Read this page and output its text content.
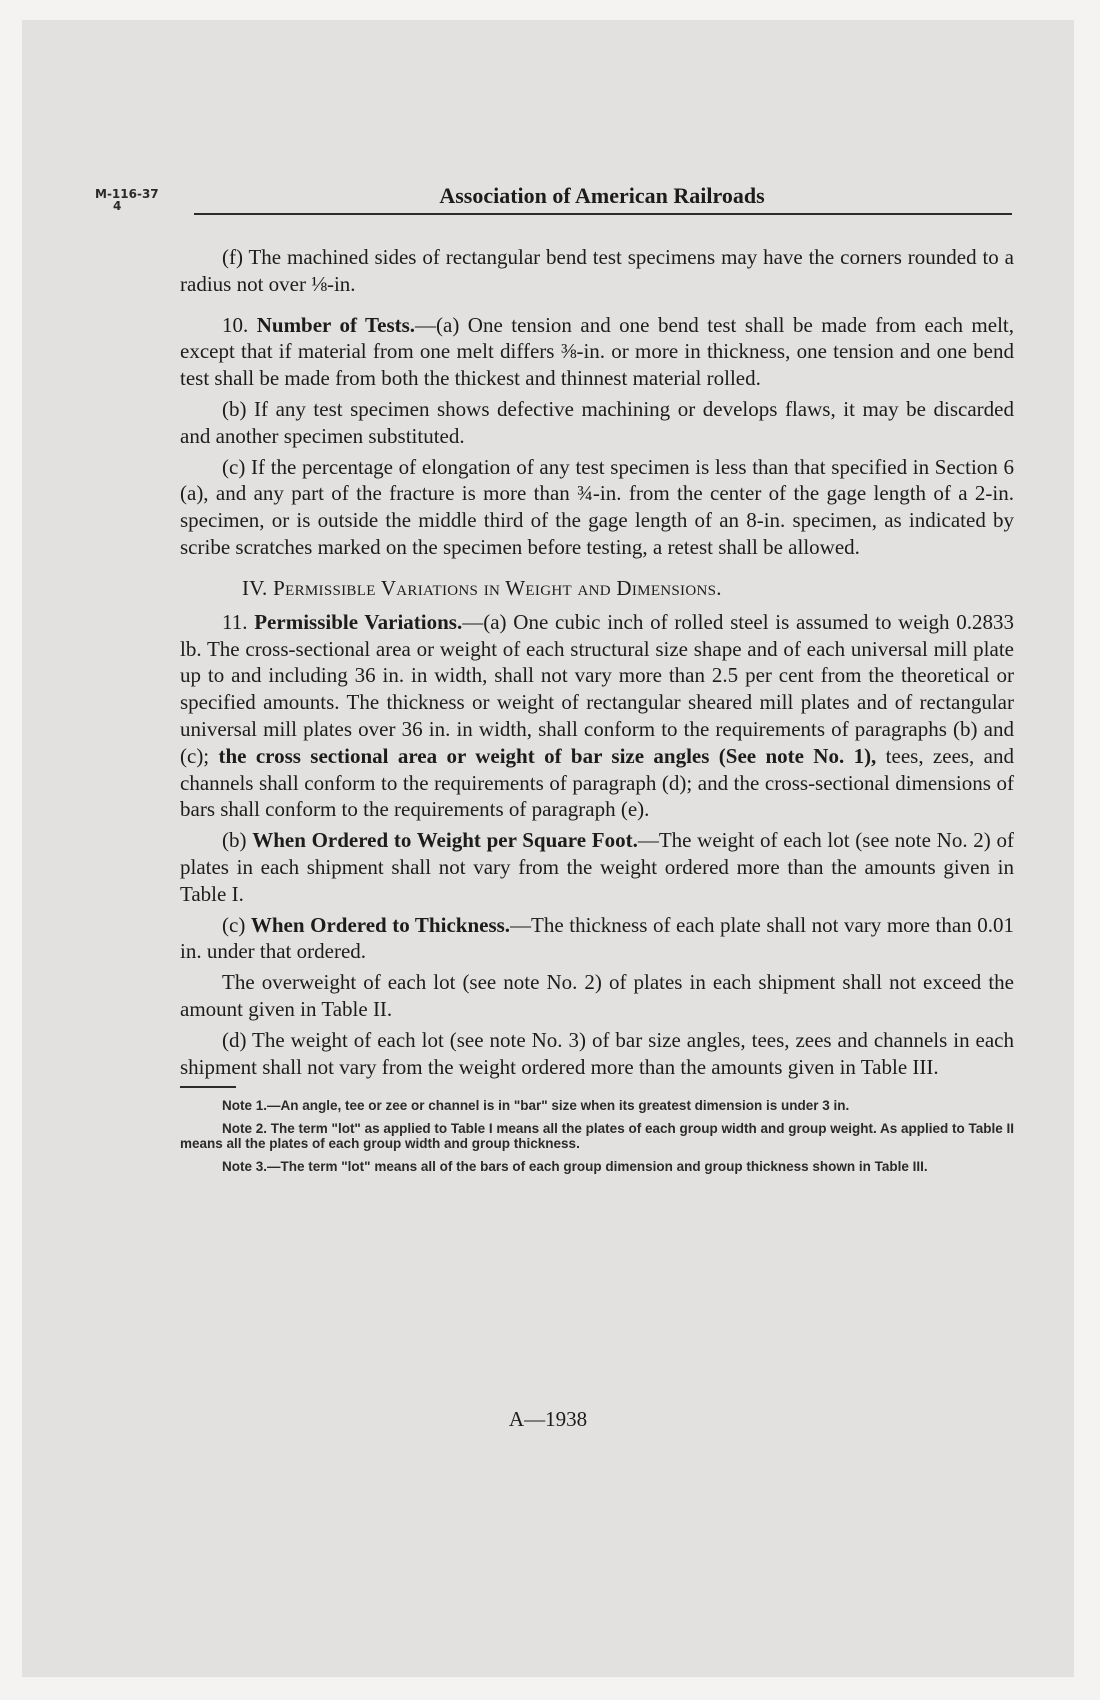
M-116-37
4	Association of American Railroads

(f) The machined sides of rectangular bend test specimens may have the corners rounded to a radius not over ⅛-in.

10. Number of Tests.—(a) One tension and one bend test shall be made from each melt, except that if material from one melt differs ⅜-in. or more in thickness, one tension and one bend test shall be made from both the thickest and thinnest material rolled.

(b) If any test specimen shows defective machining or develops flaws, it may be discarded and another specimen substituted.

(c) If the percentage of elongation of any test specimen is less than that specified in Section 6 (a), and any part of the fracture is more than ¾-in. from the center of the gage length of a 2-in. specimen, or is outside the middle third of the gage length of an 8-in. specimen, as indicated by scribe scratches marked on the specimen before testing, a retest shall be allowed.

IV. Permissible Variations in Weight and Dimensions.

11. Permissible Variations.—(a) One cubic inch of rolled steel is assumed to weigh 0.2833 lb. The cross-sectional area or weight of each structural size shape and of each universal mill plate up to and including 36 in. in width, shall not vary more than 2.5 per cent from the theoretical or specified amounts. The thickness or weight of rectangular sheared mill plates and of rectangular universal mill plates over 36 in. in width, shall conform to the requirements of paragraphs (b) and (c); the cross sectional area or weight of bar size angles (See note No. 1), tees, zees, and channels shall conform to the requirements of paragraph (d); and the cross-sectional dimensions of bars shall conform to the requirements of paragraph (e).

(b) When Ordered to Weight per Square Foot.—The weight of each lot (see note No. 2) of plates in each shipment shall not vary from the weight ordered more than the amounts given in Table I.

(c) When Ordered to Thickness.—The thickness of each plate shall not vary more than 0.01 in. under that ordered.

The overweight of each lot (see note No. 2) of plates in each shipment shall not exceed the amount given in Table II.

(d) The weight of each lot (see note No. 3) of bar size angles, tees, zees and channels in each shipment shall not vary from the weight ordered more than the amounts given in Table III.

Note 1.—An angle, tee or zee or channel is in "bar" size when its greatest dimension is under 3 in.

Note 2. The term "lot" as applied to Table I means all the plates of each group width and group weight. As applied to Table II means all the plates of each group width and group thickness.

Note 3.—The term "lot" means all of the bars of each group dimension and group thickness shown in Table III.

A—1938
